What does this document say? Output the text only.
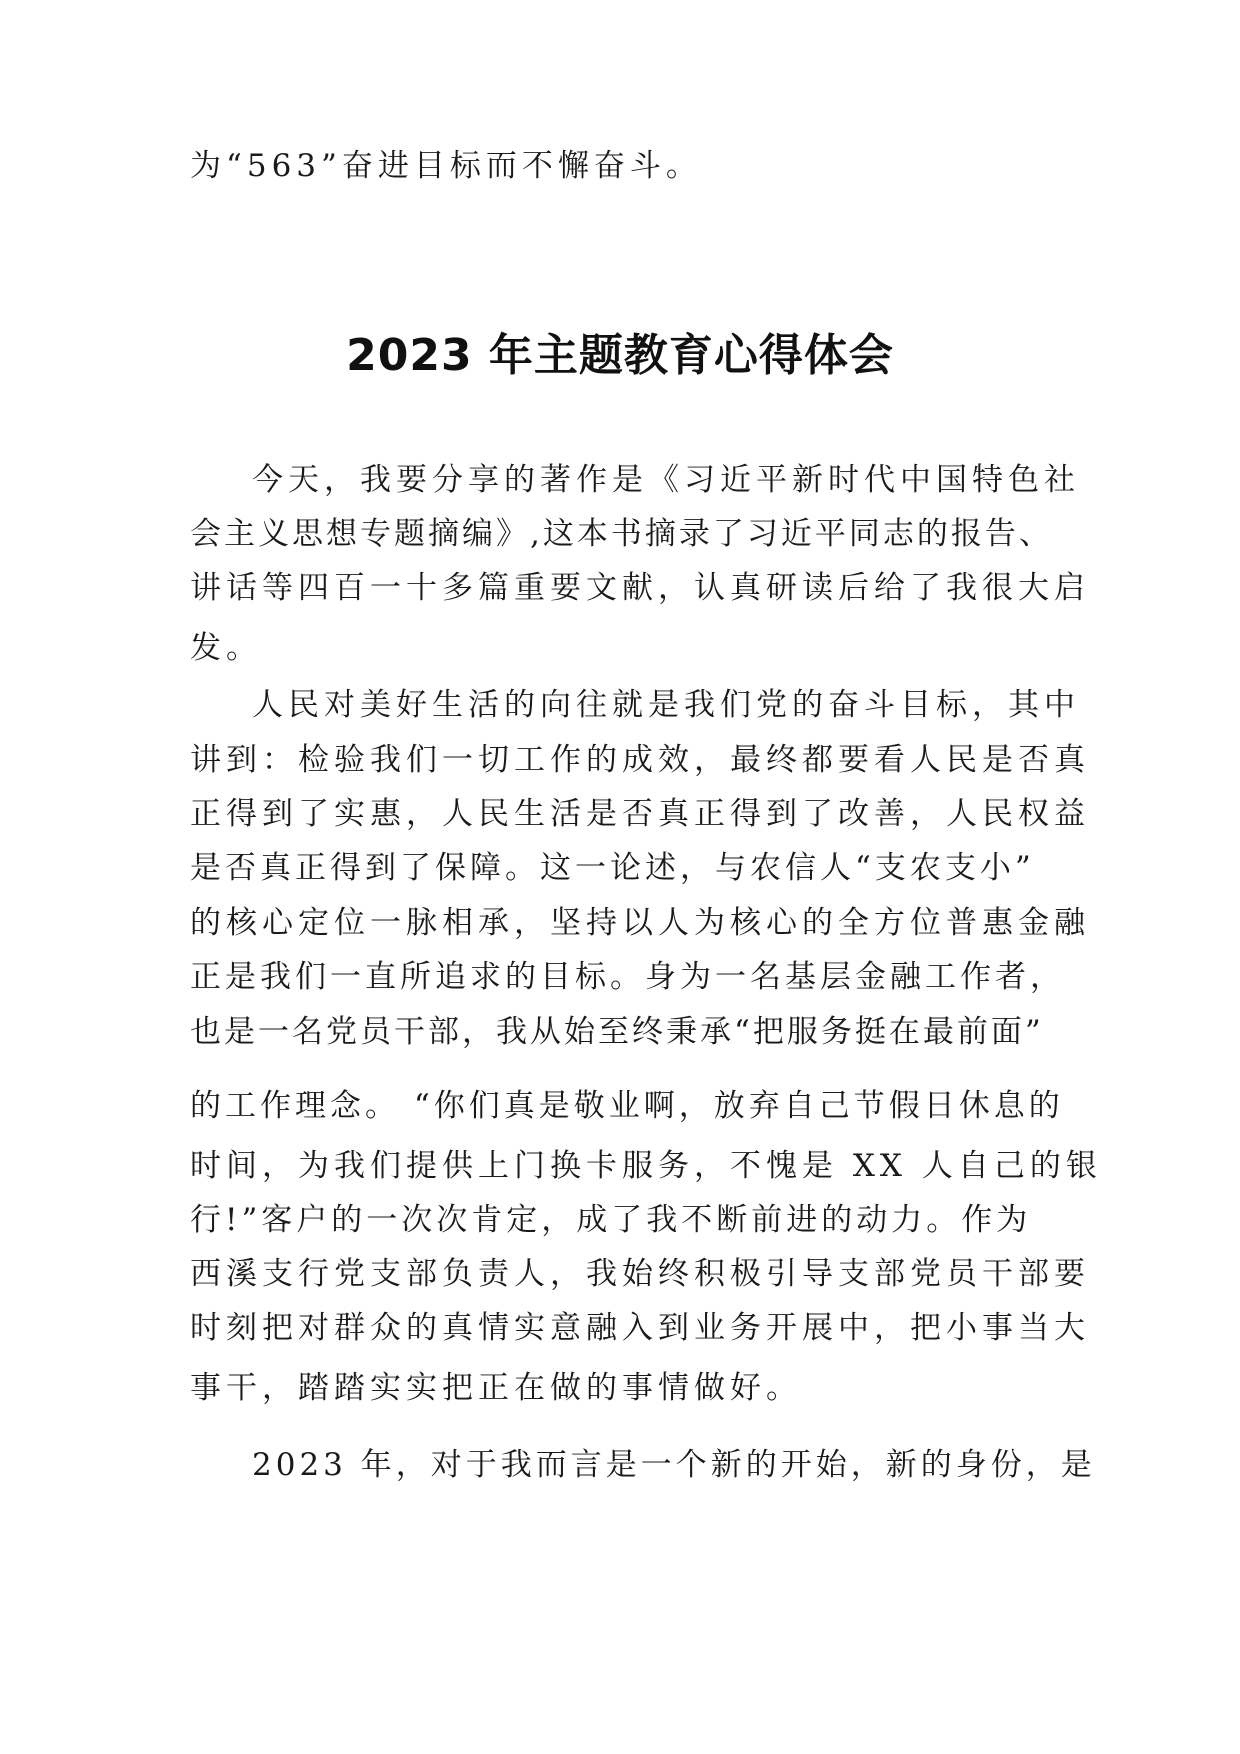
为“563”奋进目标而不懈奋斗。
2023 年主题教育心得体会
今天，我要分享的著作是《习近平新时代中国特色社
会主义思想专题摘编》,这本书摘录了习近平同志的报告、
讲话等四百一十多篇重要文献，认真研读后给了我很大启
发。
人民对美好生活的向往就是我们党的奋斗目标，其中
讲到：检验我们一切工作的成效，最终都要看人民是否真
正得到了实惠，人民生活是否真正得到了改善，人民权益
是否真正得到了保障。这一论述，与农信人“支农支小”
的核心定位一脉相承，坚持以人为核心的全方位普惠金融
正是我们一直所追求的目标。身为一名基层金融工作者，
也是一名党员干部，我从始至终秉承“把服务挺在最前面”
的工作理念。 “你们真是敬业啊，放弃自己节假日休息的
时间，为我们提供上门换卡服务，不愧是 XX 人自己的银
行!”客户的一次次肯定，成了我不断前进的动力。作为
西溪支行党支部负责人，我始终积极引导支部党员干部要
时刻把对群众的真情实意融入到业务开展中，把小事当大
事干，踏踏实实把正在做的事情做好。
2023 年，对于我而言是一个新的开始，新的身份，是
